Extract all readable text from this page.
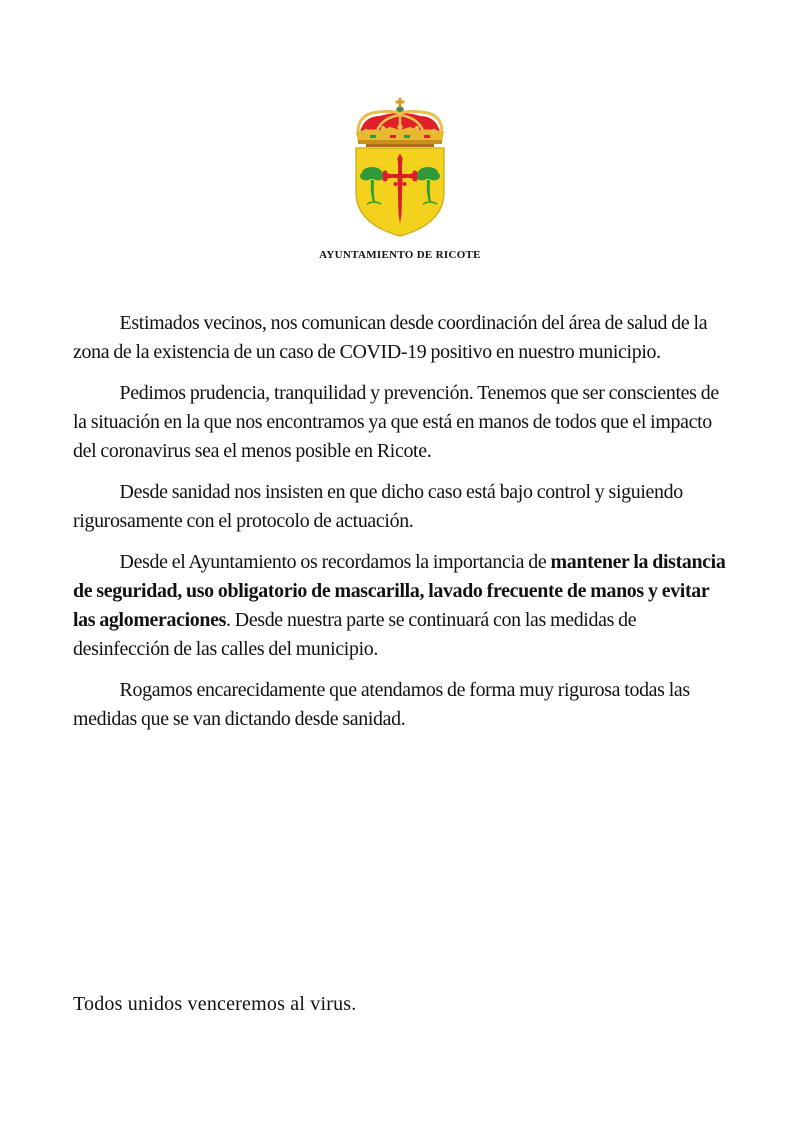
AYUNTAMIENTO DE RICOTE

Estimados vecinos, nos comunican desde coordinación del área de salud de la zona de la existencia de un caso de COVID-19 positivo en nuestro municipio.

Pedimos prudencia, tranquilidad y prevención. Tenemos que ser conscientes de la situación en la que nos encontramos ya que está en manos de todos que el impacto del coronavirus sea el menos posible en Ricote.

Desde sanidad nos insisten en que dicho caso está bajo control y siguiendo rigurosamente con el protocolo de actuación.

Desde el Ayuntamiento os recordamos la importancia de mantener la distancia de seguridad, uso obligatorio de mascarilla, lavado frecuente de manos y evitar las aglomeraciones. Desde nuestra parte se continuará con las medidas de desinfección de las calles del municipio.

Rogamos encarecidamente que atendamos de forma muy rigurosa todas las medidas que se van dictando desde sanidad.

Todos unidos venceremos al virus.
